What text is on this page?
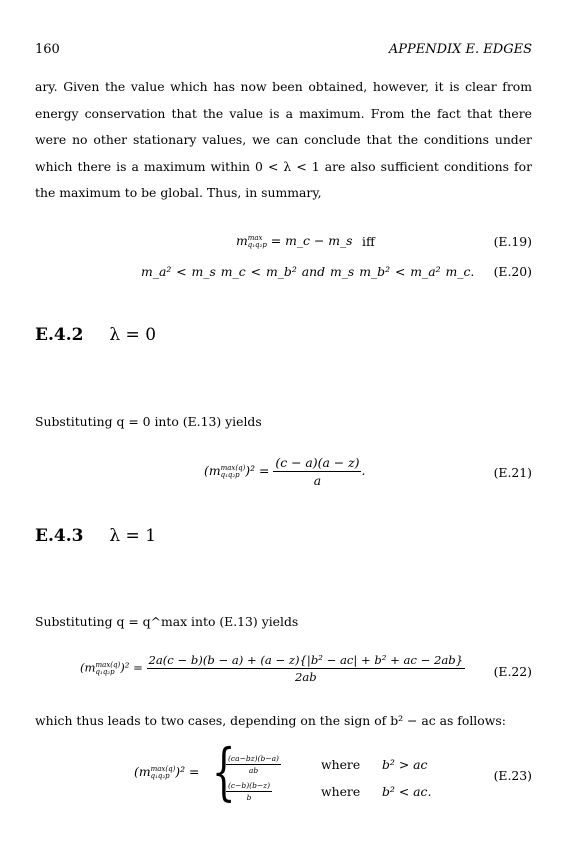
160	APPENDIX E. EDGES
ary. Given the value which has now been obtained, however, it is clear from energy conservation that the value is a maximum. From the fact that there were no other stationary values, we can conclude that the conditions under which there is a maximum within 0 < λ < 1 are also sufficient conditions for the maximum to be global. Thus, in summary,
m max
q₁q₂p = m_c − m_s iff	(E.19)
m_a² < m_s m_c < m_b² and m_s m_b² < m_a² m_c. (E.20)
E.4.2 λ = 0
Substituting q = 0 into (E.13) yields
(m max(q)
q₁q₂p )$^2 = \frac{(c - a)(a - z)}{a}$ .	(E.21)
E.4.3 λ = 1
Substituting q = q^max into (E.13) yields
(m max(q)
q₁q₂p )$^2 = \frac{\text{2a(c − b)(b − a) + (a − z)\{|b² − ac| + b² + ac − 2ab\}}}{2ab} (E.22)$
which thus leads to two cases, depending on the sign of b² − ac as follows:
(m max(q)
q₁q₂p )² = {
$\frac{(ca-bz)(b-a)}{ab}$	where b² > ac
$\frac{(c-b)(b-z)}{b}$	where b² < ac.
(E.23)
